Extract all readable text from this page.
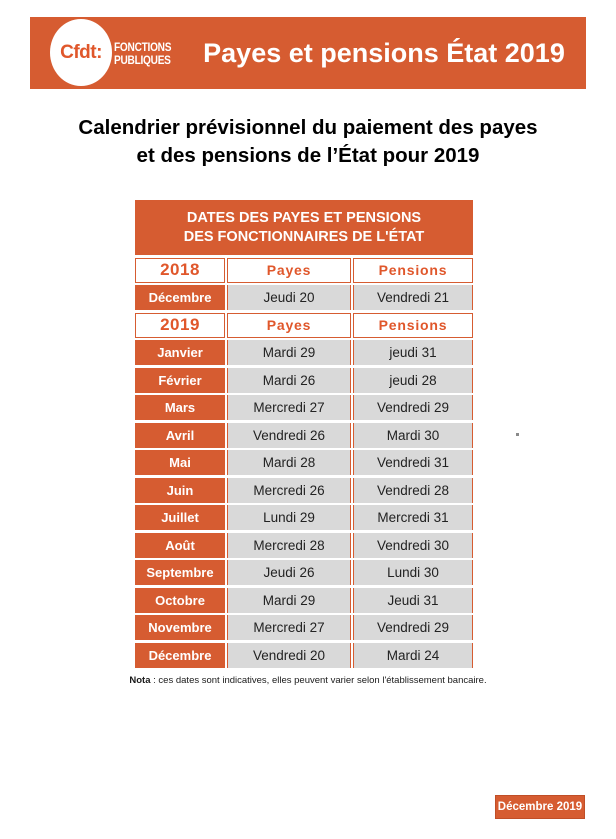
Cfdt: FONCTIONS
PUBLIQUES	Payes et pensions État 2019
Calendrier prévisionnel du paiement des payes
et des pensions de l’État pour 2019
DATES DES PAYES ET PENSIONS
DES FONCTIONNAIRES DE L'ÉTAT
2018	Payes	Pensions
Décembre	Jeudi 20	Vendredi 21
2019	Payes	Pensions
Janvier	Mardi 29	jeudi 31
Février	Mardi 26	jeudi 28
Mars	Mercredi 27	Vendredi 29
Avril	Vendredi 26	Mardi 30
Mai	Mardi 28	Vendredi 31
Juin	Mercredi 26	Vendredi 28
Juillet	Lundi 29	Mercredi 31
Août	Mercredi 28	Vendredi 30
Septembre	Jeudi 26	Lundi 30
Octobre	Mardi 29	Jeudi 31
Novembre	Mercredi 27	Vendredi 29
Décembre	Vendredi 20	Mardi 24
Nota : ces dates sont indicatives, elles peuvent varier selon l'établissement bancaire.
Décembre 2019
